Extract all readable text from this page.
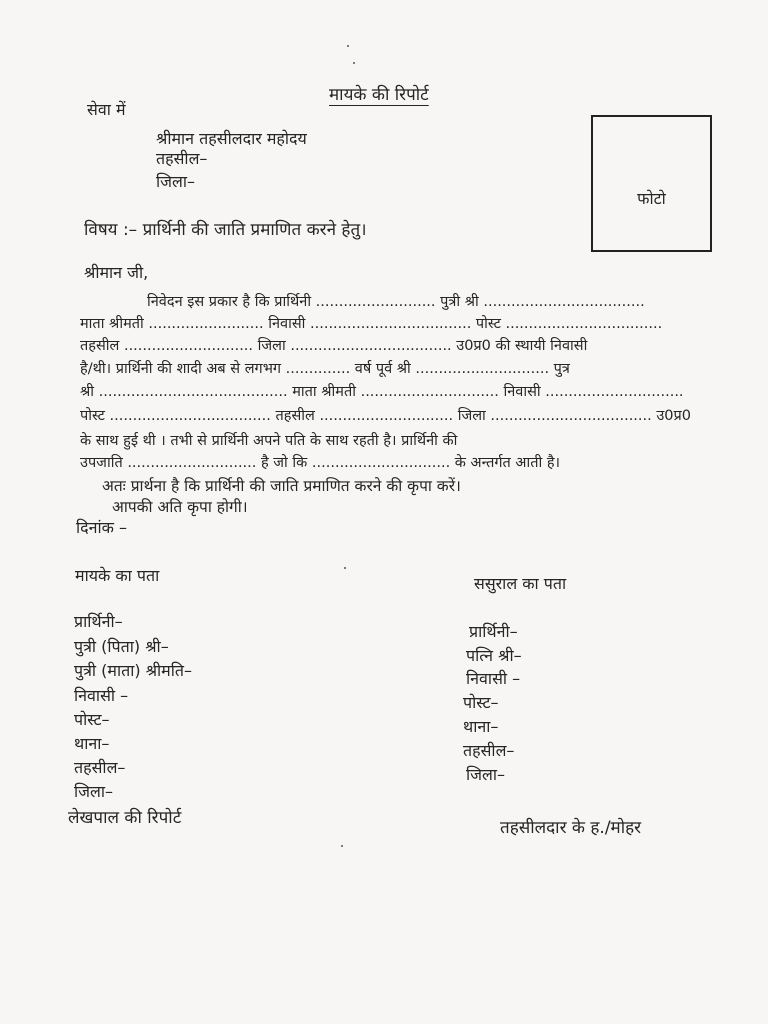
मायके की रिपोर्ट
सेवा में
श्रीमान तहसीलदार महोदय
तहसील–
जिला–
फोटो
विषय :– प्रार्थिनी की जाति प्रमाणित करने हेतु।
श्रीमान जी,
निवेदन इस प्रकार है कि प्रार्थिनी .......................... पुत्री श्री ...................................
माता श्रीमती ......................... निवासी ................................... पोस्ट ..................................
तहसील ............................ जिला ................................... उ0प्र0 की स्थायी निवासी
है/थी। प्रार्थिनी की शादी अब से लगभग .............. वर्ष पूर्व श्री ............................. पुत्र
श्री ......................................... माता श्रीमती .............................. निवासी ..............................
पोस्ट ................................... तहसील ............................. जिला ................................... उ0प्र0
के साथ हुई थी । तभी से प्रार्थिनी अपने पति के साथ रहती है। प्रार्थिनी की
उपजाति ............................ है जो कि .............................. के अन्तर्गत आती है।
अतः प्रार्थना है कि प्रार्थिनी की जाति प्रमाणित करने की कृपा करें।
आपकी अति कृपा होगी।
दिनांक –
मायके का पता
प्रार्थिनी–
पुत्री (पिता) श्री–
पुत्री (माता) श्रीमति–
निवासी –
पोस्ट–
थाना–
तहसील–
जिला–
ससुराल का पता
प्रार्थिनी–
पत्नि श्री–
निवासी –
पोस्ट–
थाना–
तहसील–
जिला–
लेखपाल की रिपोर्ट	तहसीलदार के ह./मोहर
